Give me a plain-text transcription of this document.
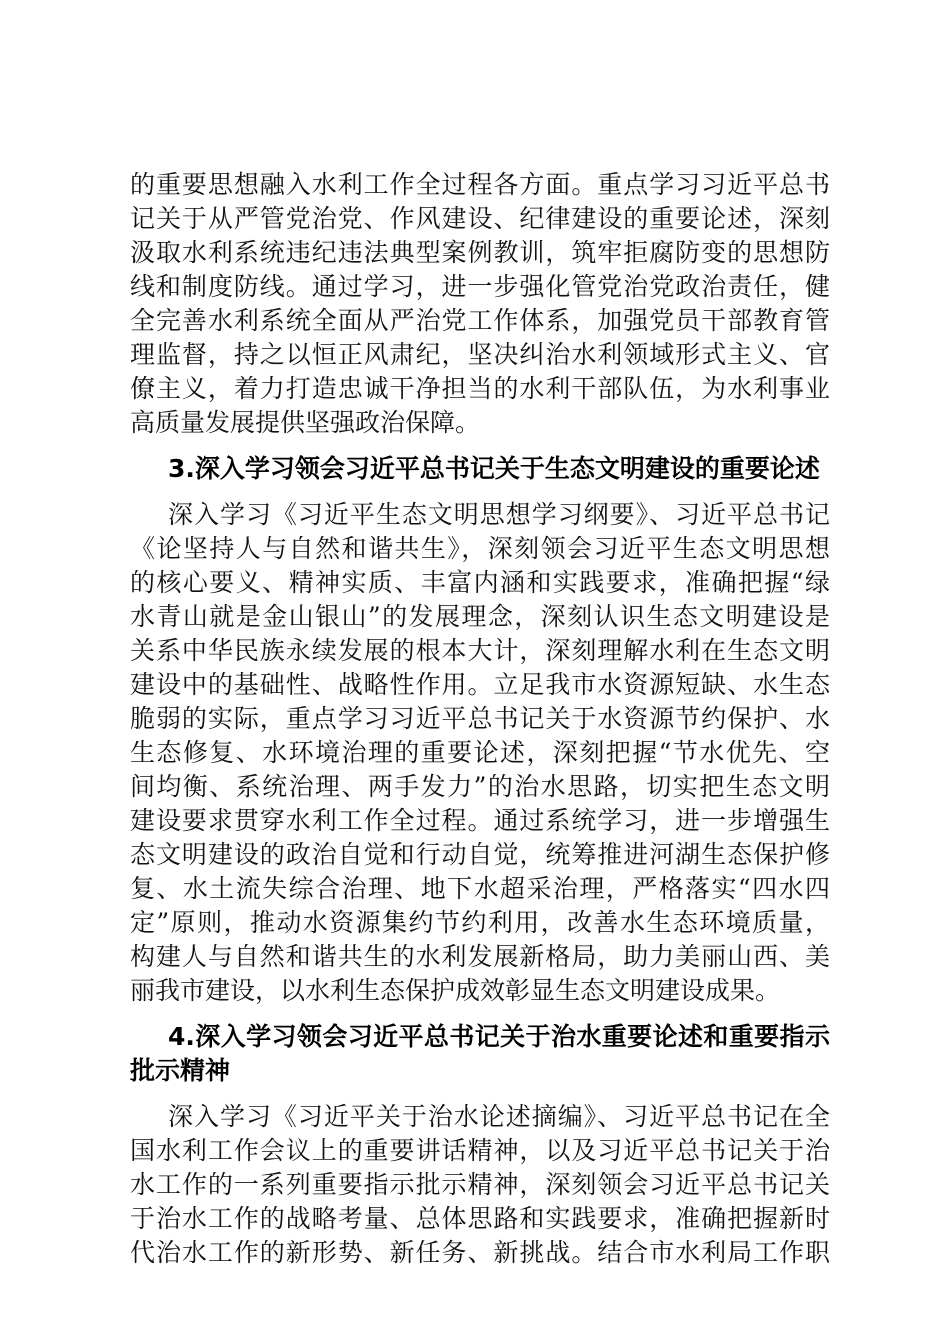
的重要思想融入水利工作全过程各方面。重点学习习近平总书
记关于从严管党治党、作风建设、纪律建设的重要论述，深刻
汲取水利系统违纪违法典型案例教训，筑牢拒腐防变的思想防
线和制度防线。通过学习，进一步强化管党治党政治责任，健
全完善水利系统全面从严治党工作体系，加强党员干部教育管
理监督，持之以恒正风肃纪，坚决纠治水利领域形式主义、官
僚主义，着力打造忠诚干净担当的水利干部队伍，为水利事业
高质量发展提供坚强政治保障。
3.深入学习领会习近平总书记关于生态文明建设的重要论述
深入学习《习近平生态文明思想学习纲要》、习近平总书记
《论坚持人与自然和谐共生》，深刻领会习近平生态文明思想
的核心要义、精神实质、丰富内涵和实践要求，准确把握“绿
水青山就是金山银山”的发展理念，深刻认识生态文明建设是
关系中华民族永续发展的根本大计，深刻理解水利在生态文明
建设中的基础性、战略性作用。立足我市水资源短缺、水生态
脆弱的实际，重点学习习近平总书记关于水资源节约保护、水
生态修复、水环境治理的重要论述，深刻把握“节水优先、空
间均衡、系统治理、两手发力”的治水思路，切实把生态文明
建设要求贯穿水利工作全过程。通过系统学习，进一步增强生
态文明建设的政治自觉和行动自觉，统筹推进河湖生态保护修
复、水土流失综合治理、地下水超采治理，严格落实“四水四
定”原则，推动水资源集约节约利用，改善水生态环境质量，
构建人与自然和谐共生的水利发展新格局，助力美丽山西、美
丽我市建设，以水利生态保护成效彰显生态文明建设成果。
4.深入学习领会习近平总书记关于治水重要论述和重要指示
批示精神
深入学习《习近平关于治水论述摘编》、习近平总书记在全
国水利工作会议上的重要讲话精神，以及习近平总书记关于治
水工作的一系列重要指示批示精神，深刻领会习近平总书记关
于治水工作的战略考量、总体思路和实践要求，准确把握新时
代治水工作的新形势、新任务、新挑战。结合市水利局工作职
